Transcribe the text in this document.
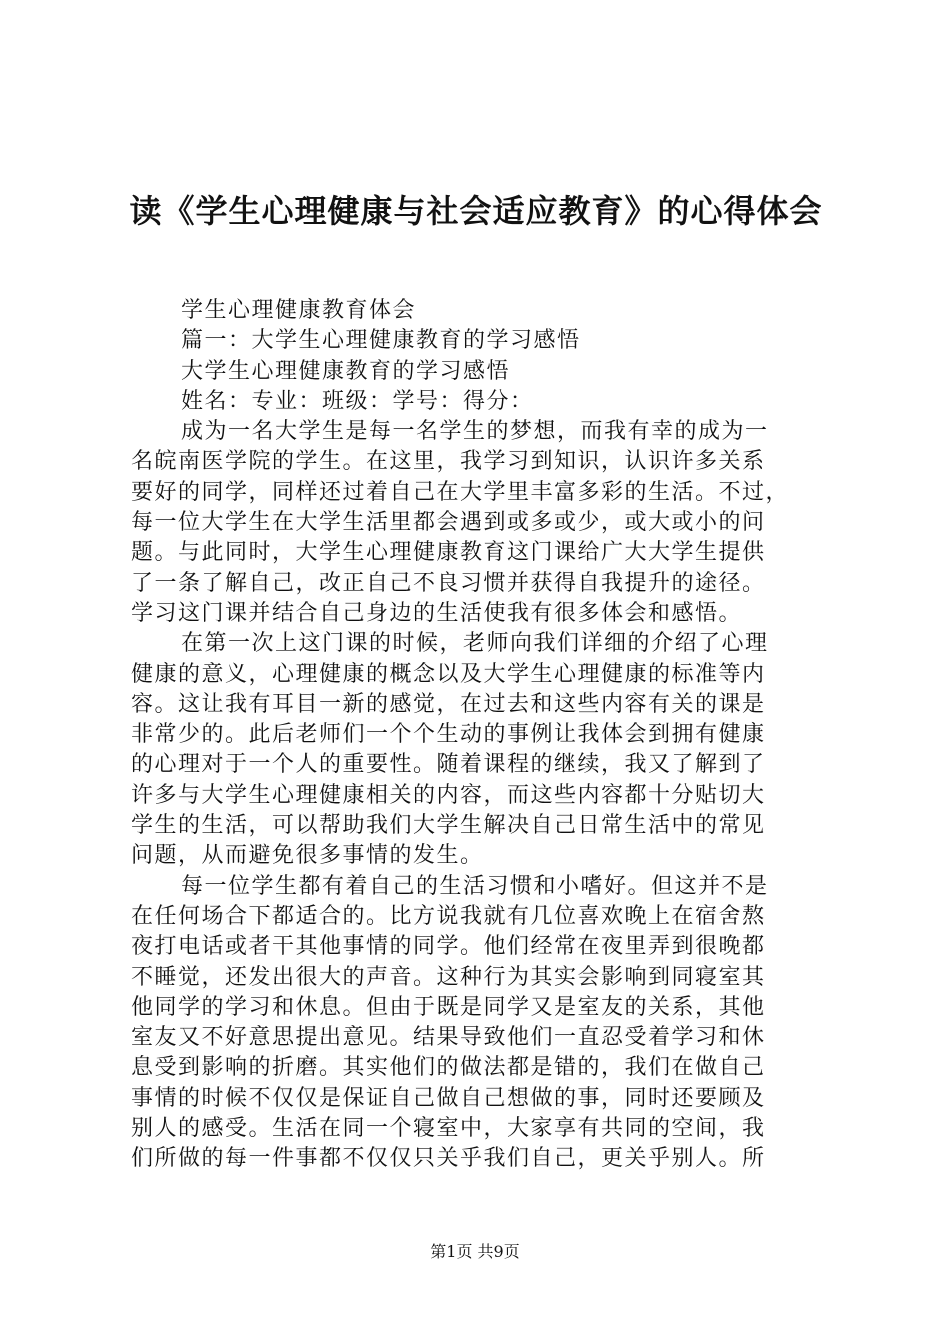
读《学生心理健康与社会适应教育》的心得体会
学生心理健康教育体会
篇一：大学生心理健康教育的学习感悟
大学生心理健康教育的学习感悟
姓名：专业：班级：学号：得分：
成为一名大学生是每一名学生的梦想，而我有幸的成为一
名皖南医学院的学生。在这里，我学习到知识，认识许多关系
要好的同学，同样还过着自己在大学里丰富多彩的生活。不过，
每一位大学生在大学生活里都会遇到或多或少，或大或小的问
题。与此同时，大学生心理健康教育这门课给广大大学生提供
了一条了解自己，改正自己不良习惯并获得自我提升的途径。
学习这门课并结合自己身边的生活使我有很多体会和感悟。
在第一次上这门课的时候，老师向我们详细的介绍了心理
健康的意义，心理健康的概念以及大学生心理健康的标准等内
容。这让我有耳目一新的感觉，在过去和这些内容有关的课是
非常少的。此后老师们一个个生动的事例让我体会到拥有健康
的心理对于一个人的重要性。随着课程的继续，我又了解到了
许多与大学生心理健康相关的内容，而这些内容都十分贴切大
学生的生活，可以帮助我们大学生解决自己日常生活中的常见
问题，从而避免很多事情的发生。
每一位学生都有着自己的生活习惯和小嗜好。但这并不是
在任何场合下都适合的。比方说我就有几位喜欢晚上在宿舍熬
夜打电话或者干其他事情的同学。他们经常在夜里弄到很晚都
不睡觉，还发出很大的声音。这种行为其实会影响到同寝室其
他同学的学习和休息。但由于既是同学又是室友的关系，其他
室友又不好意思提出意见。结果导致他们一直忍受着学习和休
息受到影响的折磨。其实他们的做法都是错的，我们在做自己
事情的时候不仅仅是保证自己做自己想做的事，同时还要顾及
别人的感受。生活在同一个寝室中，大家享有共同的空间，我
们所做的每一件事都不仅仅只关乎我们自己，更关乎别人。所
第1页 共9页
